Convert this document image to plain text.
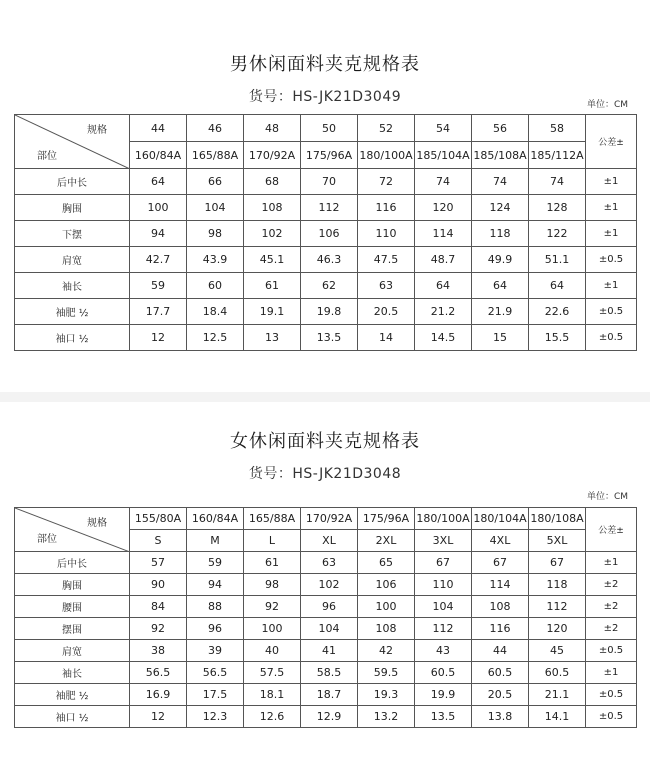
男休闲面料夹克规格表
货号：HS-JK21D3049	单位：CM
规格
部位	44	46	48	50	52	54	56	58	公差±
	160/84A	165/88A	170/92A	175/96A	180/100A	185/104A	185/108A	185/112A	
后中长	64	66	68	70	72	74	74	74	±1
胸围	100	104	108	112	116	120	124	128	±1
下摆	94	98	102	106	110	114	118	122	±1
肩宽	42.7	43.9	45.1	46.3	47.5	48.7	49.9	51.1	±0.5
袖长	59	60	61	62	63	64	64	64	±1
袖肥 ½	17.7	18.4	19.1	19.8	20.5	21.2	21.9	22.6	±0.5
袖口 ½	12	12.5	13	13.5	14	14.5	15	15.5	±0.5
女休闲面料夹克规格表
货号：HS-JK21D3048
单位：CM
规格
部位	155/80A	160/84A	165/88A	170/92A	175/96A	180/100A	180/104A	180/108A	公差±
	S	M	L	XL	2XL	3XL	4XL	5XL	
后中长	57	59	61	63	65	67	67	67	±1
胸围	90	94	98	102	106	110	114	118	±2
腰围	84	88	92	96	100	104	108	112	±2
摆围	92	96	100	104	108	112	116	120	±2
肩宽	38	39	40	41	42	43	44	45	±0.5
袖长	56.5	56.5	57.5	58.5	59.5	60.5	60.5	60.5	±1
袖肥 ½	16.9	17.5	18.1	18.7	19.3	19.9	20.5	21.1	±0.5
袖口 ½	12	12.3	12.6	12.9	13.2	13.5	13.8	14.1	±0.5
